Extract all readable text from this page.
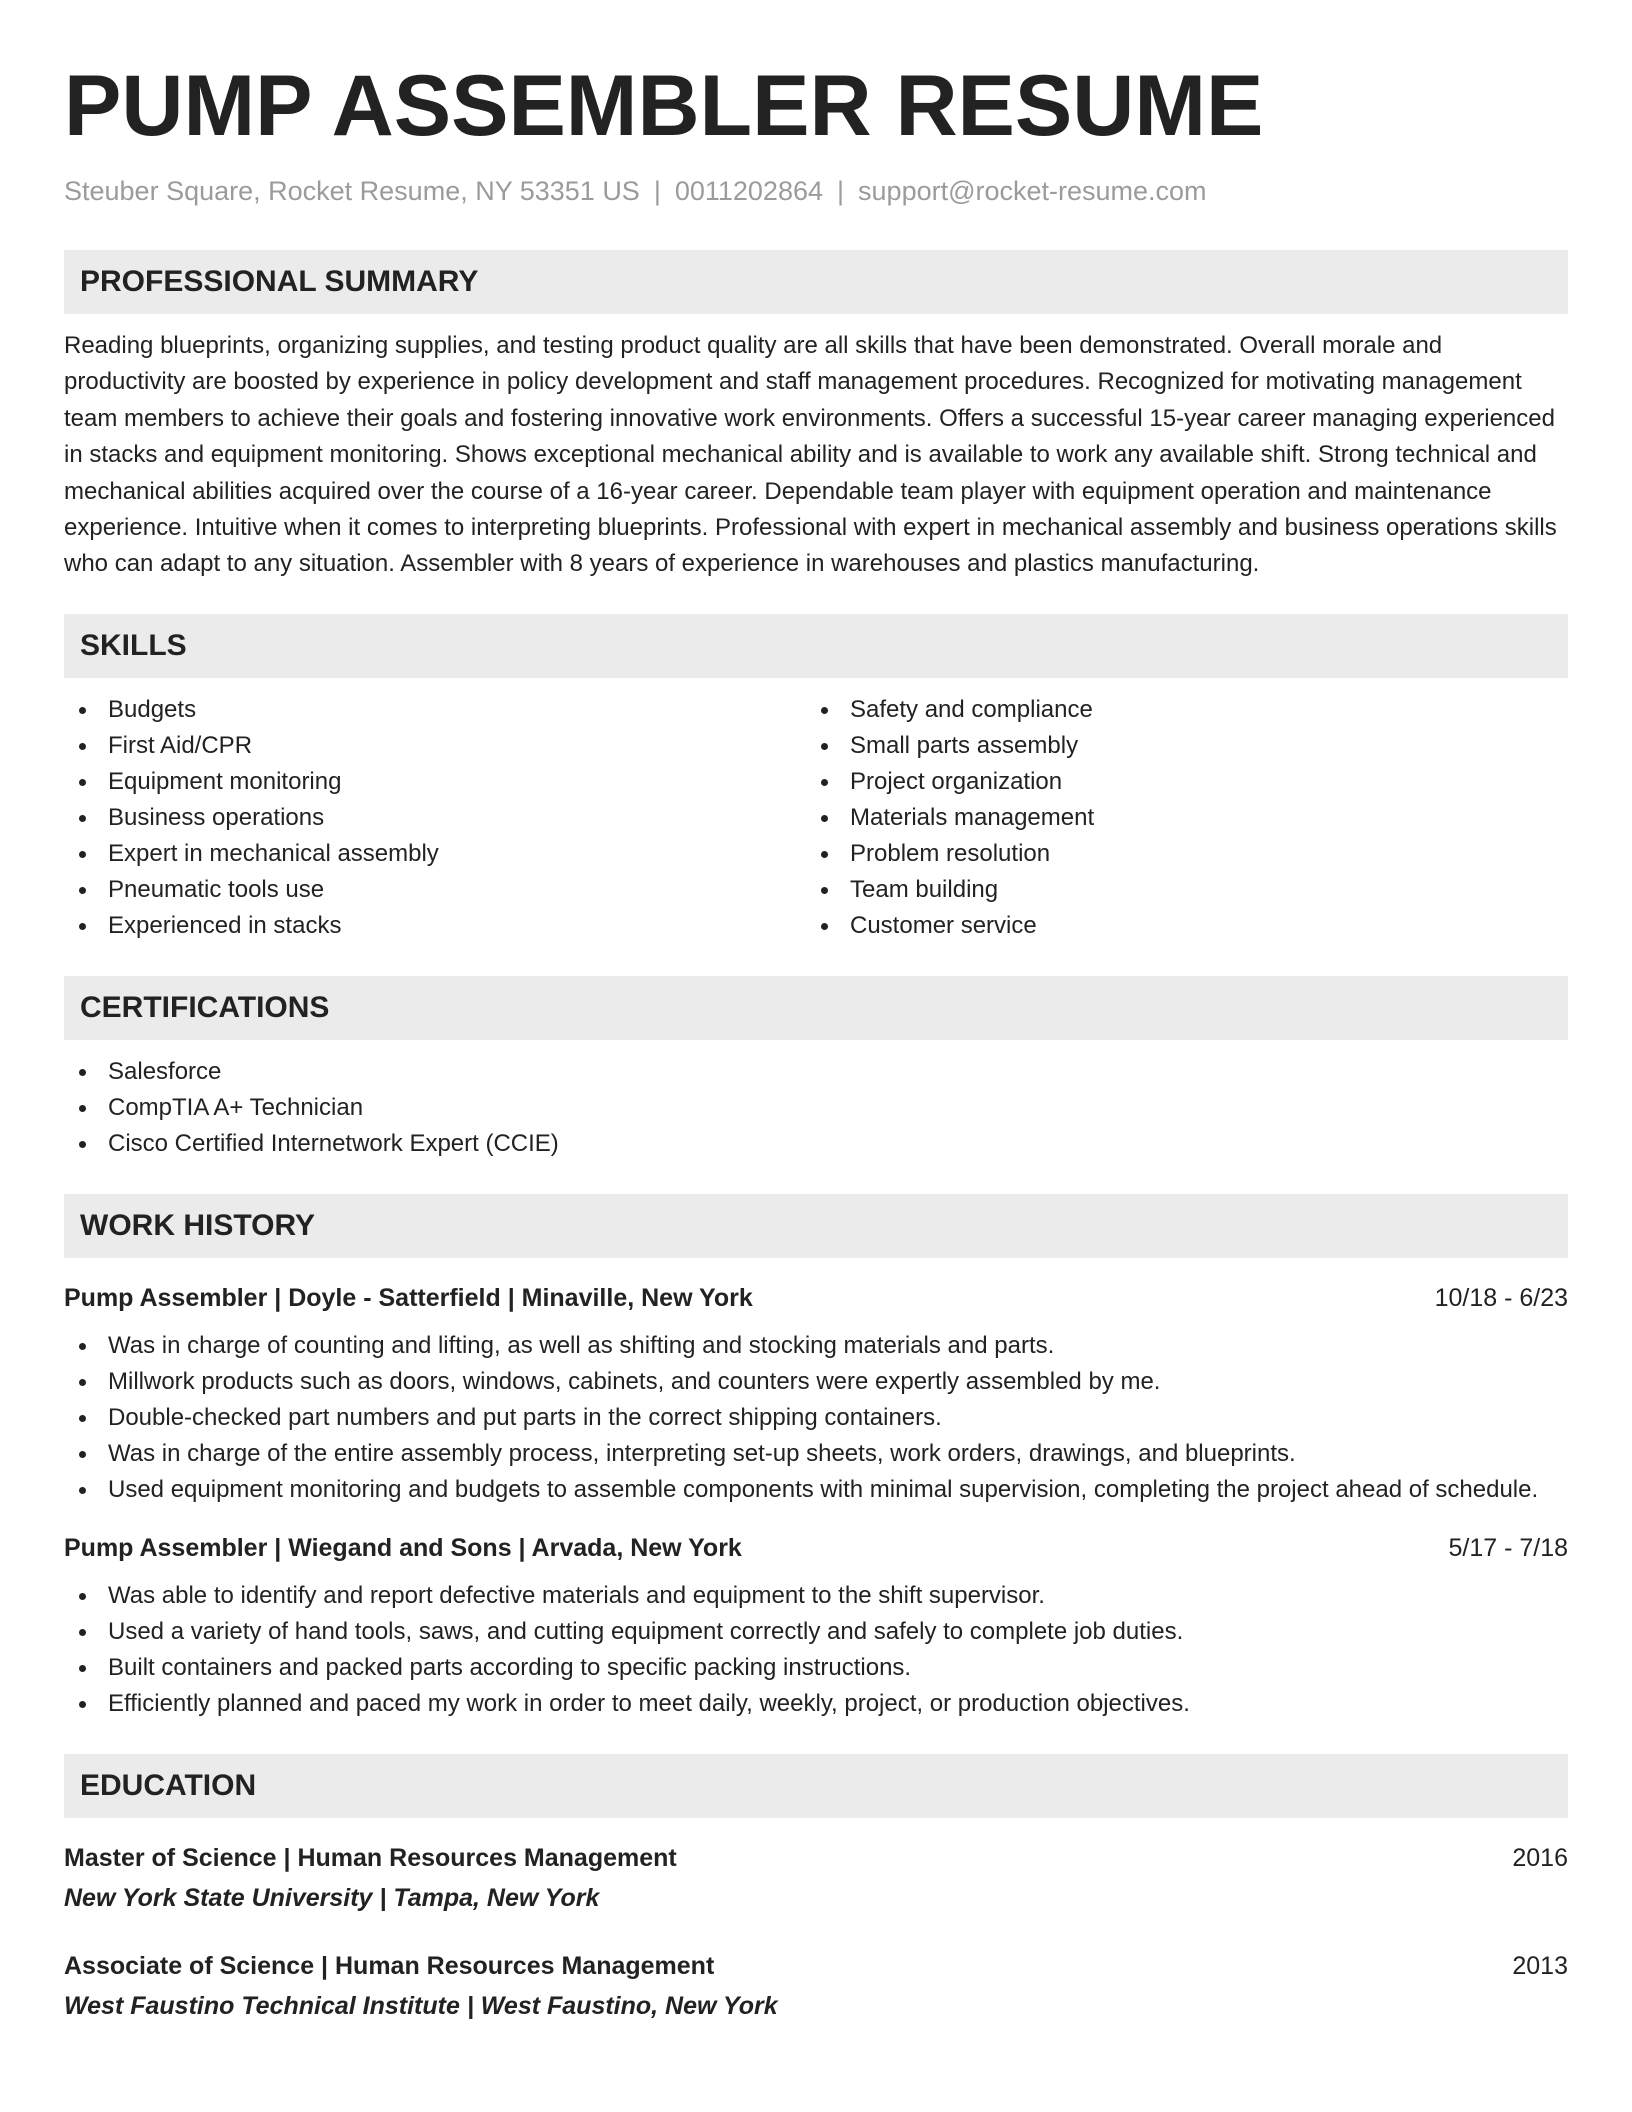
PUMP ASSEMBLER RESUME
Steuber Square, Rocket Resume, NY 53351 US | 0011202864 | support@rocket-resume.com
PROFESSIONAL SUMMARY

Reading blueprints, organizing supplies, and testing product quality are all skills that have been demonstrated. Overall morale and productivity are boosted by experience in policy development and staff management procedures. Recognized for motivating management team members to achieve their goals and fostering innovative work environments. Offers a successful 15-year career managing experienced in stacks and equipment monitoring. Shows exceptional mechanical ability and is available to work any available shift. Strong technical and mechanical abilities acquired over the course of a 16-year career. Dependable team player with equipment operation and maintenance experience. Intuitive when it comes to interpreting blueprints. Professional with expert in mechanical assembly and business operations skills who can adapt to any situation. Assembler with 8 years of experience in warehouses and plastics manufacturing.

SKILLS
Budgets
First Aid/CPR
Equipment monitoring
Business operations
Expert in mechanical assembly
Pneumatic tools use
Experienced in stacks
Safety and compliance
Small parts assembly
Project organization
Materials management
Problem resolution
Team building
Customer service
CERTIFICATIONS
Salesforce
CompTIA A+ Technician
Cisco Certified Internetwork Expert (CCIE)
WORK HISTORY
Pump Assembler | Doyle - Satterfield | Minaville, New York	10/18 - 6/23
Was in charge of counting and lifting, as well as shifting and stocking materials and parts.
Millwork products such as doors, windows, cabinets, and counters were expertly assembled by me.
Double-checked part numbers and put parts in the correct shipping containers.
Was in charge of the entire assembly process, interpreting set-up sheets, work orders, drawings, and blueprints.
Used equipment monitoring and budgets to assemble components with minimal supervision, completing the project ahead of schedule.
Pump Assembler | Wiegand and Sons | Arvada, New York	5/17 - 7/18
Was able to identify and report defective materials and equipment to the shift supervisor.
Used a variety of hand tools, saws, and cutting equipment correctly and safely to complete job duties.
Built containers and packed parts according to specific packing instructions.
Efficiently planned and paced my work in order to meet daily, weekly, project, or production objectives.
EDUCATION
Master of Science | Human Resources Management	2016
New York State University | Tampa, New York
Associate of Science | Human Resources Management	2013
West Faustino Technical Institute | West Faustino, New York
